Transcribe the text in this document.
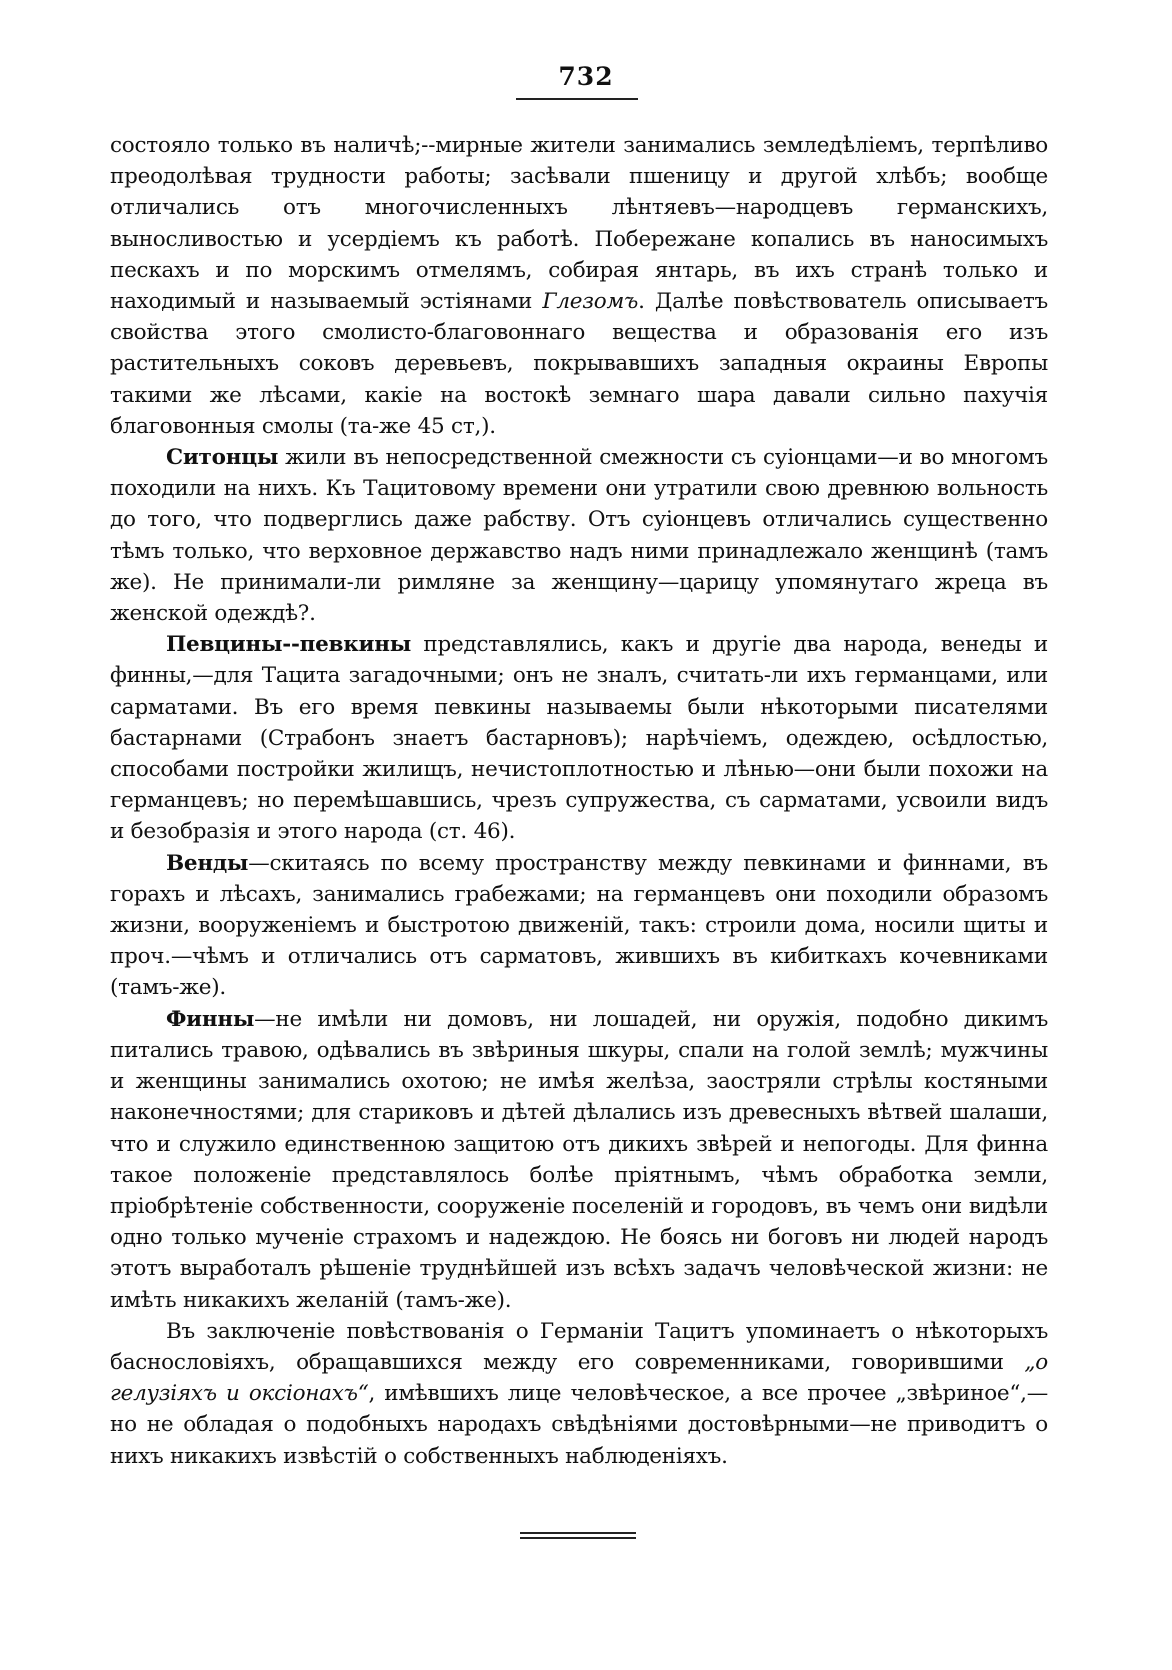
732

состояло только въ наличѣ;--мирные жители занимались земледѣліемъ, терпѣливо преодолѣвая трудности работы; засѣвали пшеницу и другой хлѣбъ; вообще отличались отъ многочисленныхъ лѣнтяевъ—народцевъ германскихъ, выносливостью и усердіемъ къ работѣ. Побережане копались въ наносимыхъ пескахъ и по морскимъ отмелямъ, собирая янтарь, въ ихъ странѣ только и находимый и называемый эстіянами Глезомъ. Далѣе повѣствователь описываетъ свойства этого смолисто-благовоннаго вещества и образованія его изъ растительныхъ соковъ деревьевъ, покрывавшихъ западныя окраины Европы такими же лѣсами, какіе на востокѣ земнаго шара давали сильно пахучія благовонныя смолы (та-же 45 ст,).

Ситонцы жили въ непосредственной смежности съ суіонцами—и во многомъ походили на нихъ. Къ Тацитовому времени они утратили свою древнюю вольность до того, что подверглись даже рабству. Отъ суіонцевъ отличались существенно тѣмъ только, что верховное державство надъ ними принадлежало женщинѣ (тамъ же). Не принимали-ли римляне за женщину—царицу упомянутаго жреца въ женской одеждѣ?.

Певцины--певкины представлялись, какъ и другіе два народа, венеды и финны,—для Тацита загадочными; онъ не зналъ, считать-ли ихъ германцами, или сарматами. Въ его время певкины называемы были нѣкоторыми писателями бастарнами (Страбонъ знаетъ бастарновъ); нарѣчіемъ, одеждею, осѣдлостью, способами постройки жилищъ, нечистоплотностью и лѣнью—они были похожи на германцевъ; но перемѣшавшись, чрезъ супружества, съ сарматами, усвоили видъ и безобразія и этого народа (ст. 46).

Венды—скитаясь по всему пространству между певкинами и финнами, въ горахъ и лѣсахъ, занимались грабежами; на германцевъ они походили образомъ жизни, вооруженіемъ и быстротою движеній, такъ: строили дома, носили щиты и проч.—чѣмъ и отличались отъ сарматовъ, жившихъ въ кибиткахъ кочевниками (тамъ-же).

Финны—не имѣли ни домовъ, ни лошадей, ни оружія, подобно дикимъ питались травою, одѣвались въ звѣриныя шкуры, спали на голой землѣ; мужчины и женщины занимались охотою; не имѣя желѣза, заостряли стрѣлы костяными наконечностями; для стариковъ и дѣтей дѣлались изъ древесныхъ вѣтвей шалаши, что и служило единственною защитою отъ дикихъ звѣрей и непогоды. Для финна такое положеніе представлялось болѣе пріятнымъ, чѣмъ обработка земли, пріобрѣтеніе собственности, сооруженіе поселеній и городовъ, въ чемъ они видѣли одно только мученіе страхомъ и надеждою. Не боясь ни боговъ ни людей народъ этотъ выработалъ рѣшеніе труднѣйшей изъ всѣхъ задачъ человѣческой жизни: не имѣть никакихъ желаній (тамъ-же).

Въ заключеніе повѣствованія о Германіи Тацитъ упоминаетъ о нѣкоторыхъ баснословіяхъ, обращавшихся между его современниками, говорившими „о гелузіяхъ и оксіонахъ“, имѣвшихъ лице человѣческое, а все прочее „звѣриное“,—но не обладая о подобныхъ народахъ свѣдѣніями достовѣрными—не приводитъ о нихъ никакихъ извѣстій о собственныхъ наблюденіяхъ.
